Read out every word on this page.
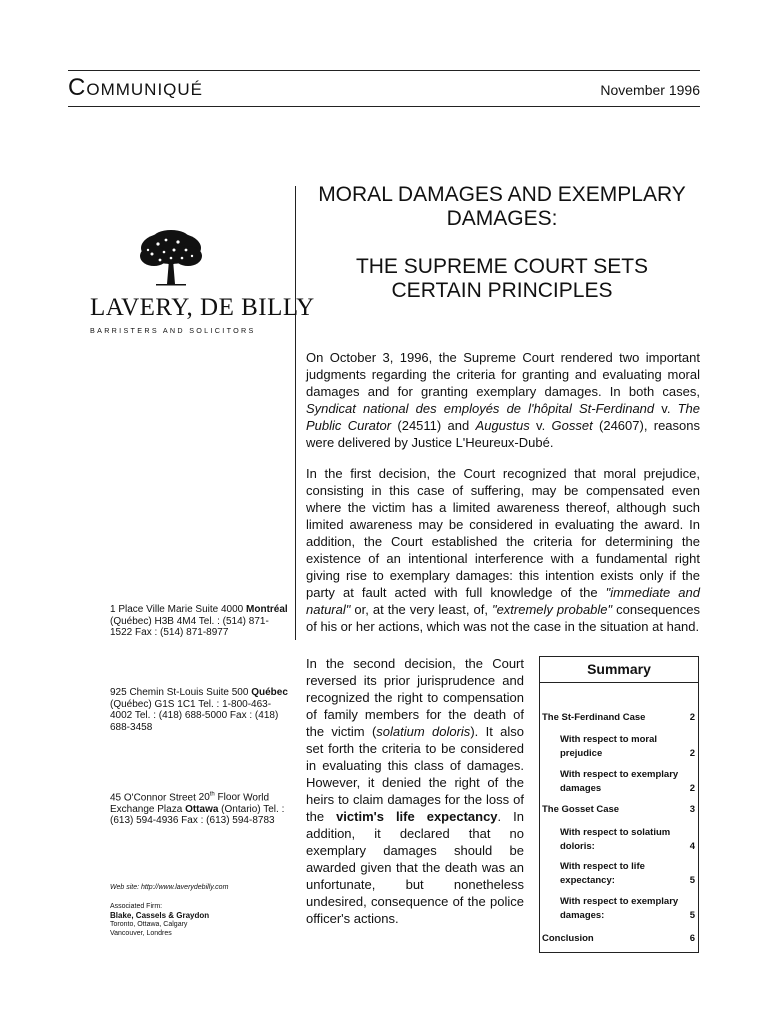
COMMUNIQUÉ	November 1996

MORAL DAMAGES AND EXEMPLARY

DAMAGES:

THE SUPREME COURT SETS

CERTAIN PRINCIPLES

LAVERY, DE BILLY
BARRISTERS AND SOLICITORS

On October 3, 1996, the Supreme Court rendered two important judgments regarding the criteria for granting and evaluating moral damages and for granting exemplary damages. In both cases, Syndicat national des employés de l'hôpital St-Ferdinand v. The Public Curator (24511) and Augustus v. Gosset (24607), reasons were delivered by Justice L'Heureux-Dubé.

In the first decision, the Court recognized that moral prejudice, consisting in this case of suffering, may be compensated even where the victim has a limited awareness thereof, although such limited awareness may be considered in evaluating the award. In addition, the Court established the criteria for determining the existence of an intentional interference with a fundamental right giving rise to exemplary damages: this intention exists only if the party at fault acted with full knowledge of the "immediate and natural" or, at the very least, of, "extremely probable" consequences of his or her actions, which was not the case in the situation at hand.

In the second decision, the Court reversed its prior jurisprudence and recognized the right to compensation of family members for the death of the victim (solatium doloris). It also set forth the criteria to be considered in evaluating this class of damages. However, it denied the right of the heirs to claim damages for the loss of the victim's life expectancy. In addition, it declared that no exemplary damages should be awarded given that the death was an unfortunate, but nonetheless undesired, consequence of the police officer's actions.

1 Place Ville Marie Suite 4000 Montréal (Québec) H3B 4M4 Tel. : (514) 871-1522 Fax : (514) 871-8977
925 Chemin St-Louis Suite 500 Québec (Québec) G1S 1C1 Tel. : 1-800-463-4002 Tel. : (418) 688-5000 Fax : (418) 688-3458
45 O'Connor Street 20th Floor World Exchange Plaza Ottawa (Ontario) Tel. : (613) 594-4936 Fax : (613) 594-8783
Web site: http://www.laverydebilly.com
Associated Firm:
Blake, Cassels & Graydon
Toronto, Ottawa, Calgary
Vancouver, Londres
Summary
The St-Ferdinand Case	2
With respect to moral prejudice	2
With respect to exemplary damages	2
The Gosset Case	3
With respect to solatium doloris:	4
With respect to life expectancy:	5
With respect to exemplary damages:	5
Conclusion	6
